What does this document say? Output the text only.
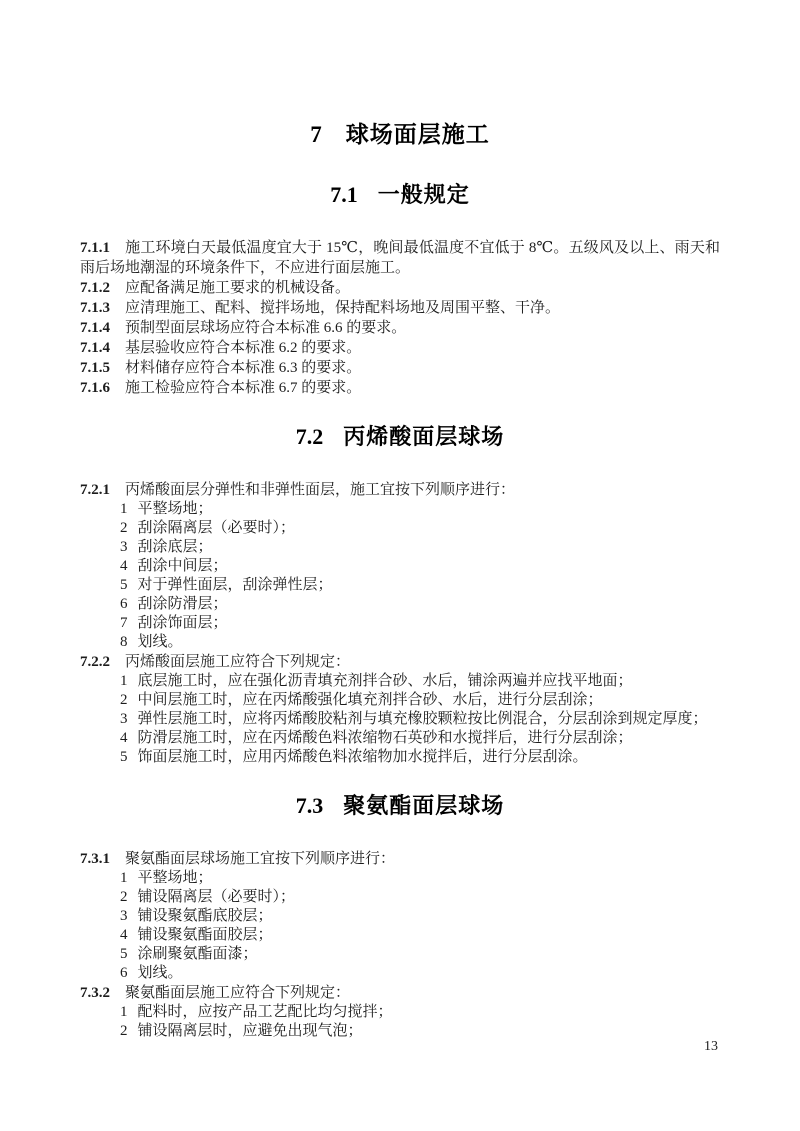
7 球场面层施工
7.1 一般规定

7.1.1 施工环境白天最低温度宜大于 15℃，晚间最低温度不宜低于 8℃。五级风及以上、雨天和雨后场地潮湿的环境条件下，不应进行面层施工。

7.1.2 应配备满足施工要求的机械设备。

7.1.3 应清理施工、配料、搅拌场地，保持配料场地及周围平整、干净。

7.1.4 预制型面层球场应符合本标准 6.6 的要求。

7.1.4 基层验收应符合本标准 6.2 的要求。

7.1.5 材料储存应符合本标准 6.3 的要求。

7.1.6 施工检验应符合本标准 6.7 的要求。

7.2 丙烯酸面层球场

7.2.1 丙烯酸面层分弹性和非弹性面层，施工宜按下列顺序进行：

1 平整场地；
2 刮涂隔离层（必要时）；
3 刮涂底层；
4 刮涂中间层；
5 对于弹性面层，刮涂弹性层；
6 刮涂防滑层；
7 刮涂饰面层；
8 划线。

7.2.2 丙烯酸面层施工应符合下列规定：

1 底层施工时，应在强化沥青填充剂拌合砂、水后，铺涂两遍并应找平地面；
2 中间层施工时，应在丙烯酸强化填充剂拌合砂、水后，进行分层刮涂；
3 弹性层施工时，应将丙烯酸胶粘剂与填充橡胶颗粒按比例混合，分层刮涂到规定厚度；
4 防滑层施工时，应在丙烯酸色料浓缩物石英砂和水搅拌后，进行分层刮涂；
5 饰面层施工时，应用丙烯酸色料浓缩物加水搅拌后，进行分层刮涂。
7.3 聚氨酯面层球场

7.3.1 聚氨酯面层球场施工宜按下列顺序进行：

1 平整场地；
2 铺设隔离层（必要时）；
3 铺设聚氨酯底胶层；
4 铺设聚氨酯面胶层；
5 涂刷聚氨酯面漆；
6 划线。

7.3.2 聚氨酯面层施工应符合下列规定：

1 配料时，应按产品工艺配比均匀搅拌；
2 铺设隔离层时，应避免出现气泡；
13
